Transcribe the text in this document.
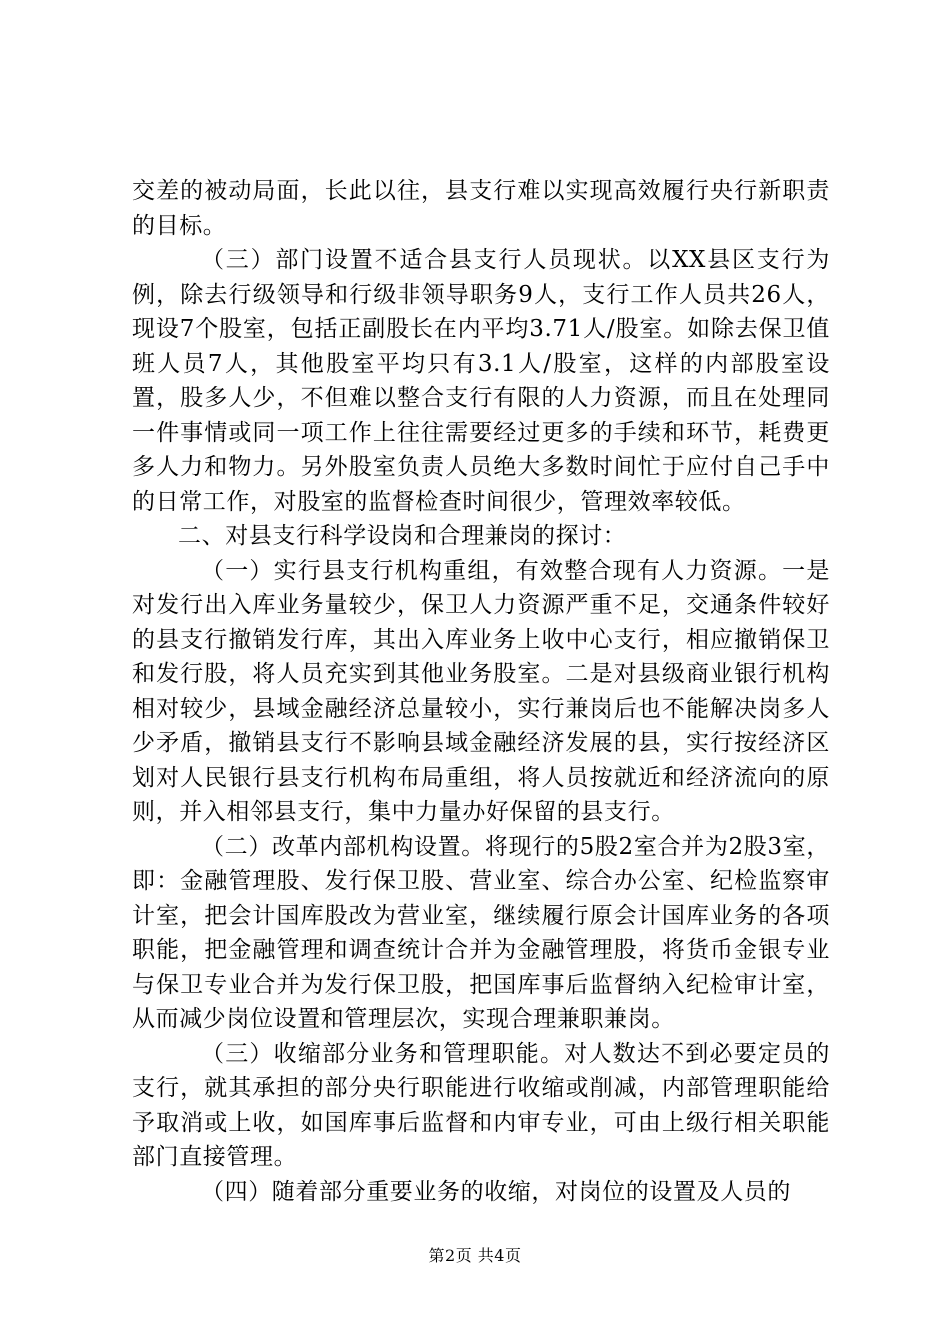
交差的被动局面，长此以往，县支行难以实现高效履行央行新职责的目标。

（三）部门设置不适合县支行人员现状。以XX县区支行为例，除去行级领导和行级非领导职务9人，支行工作人员共26人，现设7个股室，包括正副股长在内平均3.71人/股室。如除去保卫值班人员7人，其他股室平均只有3.1人/股室，这样的内部股室设置，股多人少，不但难以整合支行有限的人力资源，而且在处理同一件事情或同一项工作上往往需要经过更多的手续和环节，耗费更多人力和物力。另外股室负责人员绝大多数时间忙于应付自己手中的日常工作，对股室的监督检查时间很少，管理效率较低。

二、对县支行科学设岗和合理兼岗的探讨：

（一）实行县支行机构重组，有效整合现有人力资源。一是对发行出入库业务量较少，保卫人力资源严重不足，交通条件较好的县支行撤销发行库，其出入库业务上收中心支行，相应撤销保卫和发行股，将人员充实到其他业务股室。二是对县级商业银行机构相对较少，县域金融经济总量较小，实行兼岗后也不能解决岗多人少矛盾，撤销县支行不影响县域金融经济发展的县，实行按经济区划对人民银行县支行机构布局重组，将人员按就近和经济流向的原则，并入相邻县支行，集中力量办好保留的县支行。

（二）改革内部机构设置。将现行的5股2室合并为2股3室，即：金融管理股、发行保卫股、营业室、综合办公室、纪检监察审计室，把会计国库股改为营业室，继续履行原会计国库业务的各项职能，把金融管理和调查统计合并为金融管理股，将货币金银专业与保卫专业合并为发行保卫股，把国库事后监督纳入纪检审计室，从而减少岗位设置和管理层次，实现合理兼职兼岗。

（三）收缩部分业务和管理职能。对人数达不到必要定员的支行，就其承担的部分央行职能进行收缩或削减，内部管理职能给予取消或上收，如国库事后监督和内审专业，可由上级行相关职能部门直接管理。

（四）随着部分重要业务的收缩，对岗位的设置及人员的

第2页 共4页
